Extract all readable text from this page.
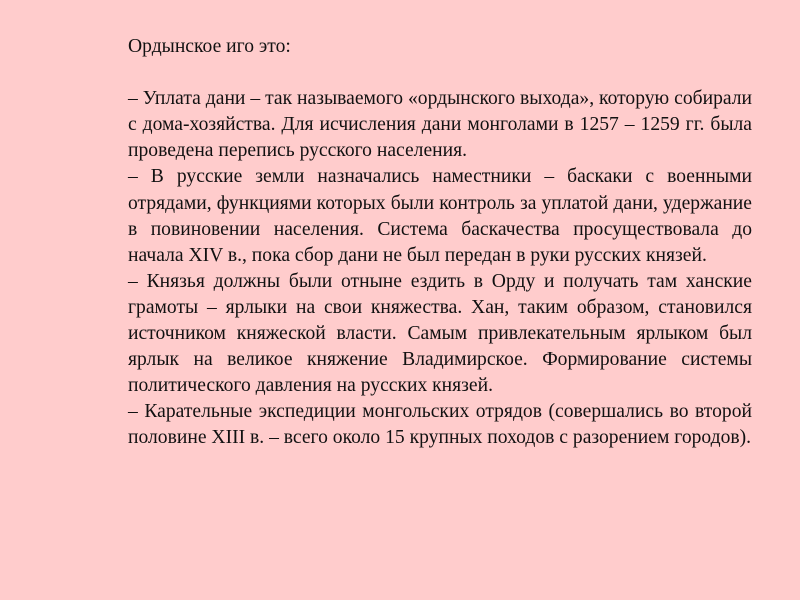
Ордынское иго это:

– Уплата дани – так называемого «ордынского выхода», которую собирали с дома-хозяйства. Для исчисления дани монголами в 1257 – 1259 гг. была проведена перепись русского населения.

– В русские земли назначались наместники – баскаки с военными отрядами, функциями которых были контроль за уплатой дани, удержание в повиновении населения. Система баскачества просуществовала до начала XIV в., пока сбор дани не был передан в руки русских князей.

– Князья должны были отныне ездить в Орду и получать там ханские грамоты – ярлыки на свои княжества. Хан, таким образом, становился источником княжеской власти. Самым привлекательным ярлыком был ярлык на великое княжение Владимирское. Формирование системы политического давления на русских князей.

– Карательные экспедиции монгольских отрядов (совершались во второй половине XIII в. – всего около 15 крупных походов с разорением городов).
